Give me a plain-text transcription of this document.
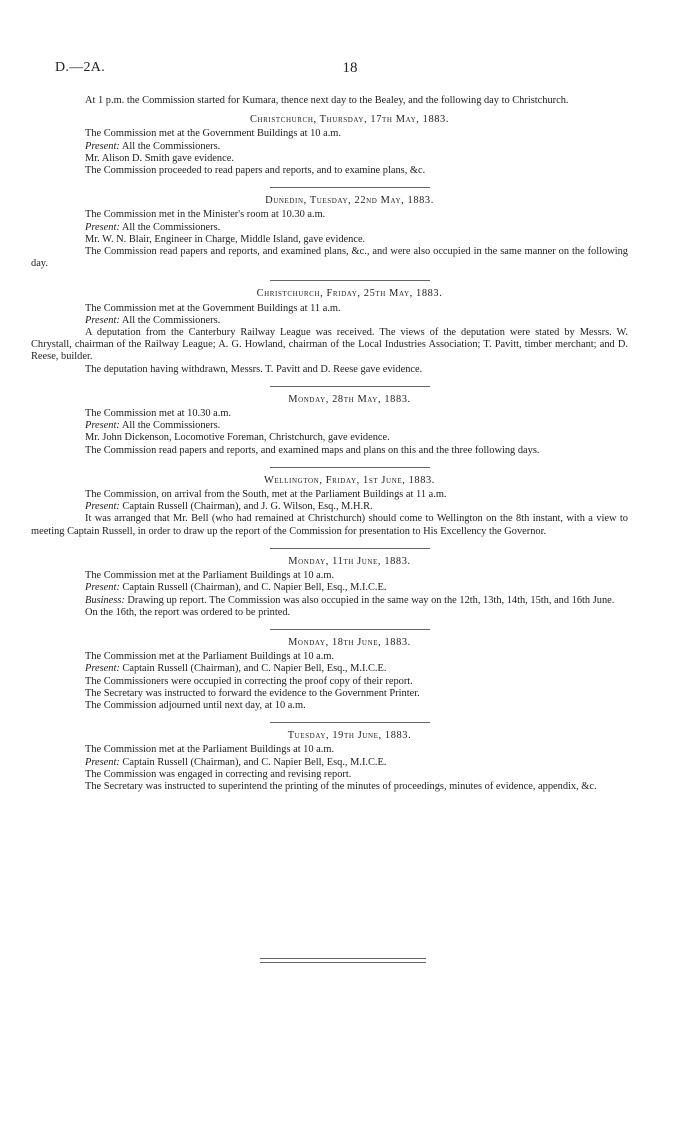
D.—2A.	18

At 1 p.m. the Commission started for Kumara, thence next day to the Bealey, and the following day to Christchurch.

Christchurch, Thursday, 17th May, 1883.

The Commission met at the Government Buildings at 10 a.m.

Present: All the Commissioners.

Mr. Alison D. Smith gave evidence.

The Commission proceeded to read papers and reports, and to examine plans, &c.

Dunedin, Tuesday, 22nd May, 1883.

The Commission met in the Minister's room at 10.30 a.m.

Present: All the Commissioners.

Mr. W. N. Blair, Engineer in Charge, Middle Island, gave evidence.

The Commission read papers and reports, and examined plans, &c., and were also occupied in the same manner on the following day.

Christchurch, Friday, 25th May, 1883.

The Commission met at the Government Buildings at 11 a.m.

Present: All the Commissioners.

A deputation from the Canterbury Railway League was received. The views of the deputation were stated by Messrs. W. Chrystall, chairman of the Railway League; A. G. Howland, chairman of the Local Industries Association; T. Pavitt, timber merchant; and D. Reese, builder.

The deputation having withdrawn, Messrs. T. Pavitt and D. Reese gave evidence.

Monday, 28th May, 1883.

The Commission met at 10.30 a.m.

Present: All the Commissioners.

Mr. John Dickenson, Locomotive Foreman, Christchurch, gave evidence.

The Commission read papers and reports, and examined maps and plans on this and the three following days.

Wellington, Friday, 1st June, 1883.

The Commission, on arrival from the South, met at the Parliament Buildings at 11 a.m.

Present: Captain Russell (Chairman), and J. G. Wilson, Esq., M.H.R.

It was arranged that Mr. Bell (who had remained at Christchurch) should come to Wellington on the 8th instant, with a view to meeting Captain Russell, in order to draw up the report of the Commission for presentation to His Excellency the Governor.

Monday, 11th June, 1883.

The Commission met at the Parliament Buildings at 10 a.m.

Present: Captain Russell (Chairman), and C. Napier Bell, Esq., M.I.C.E.

Business: Drawing up report. The Commission was also occupied in the same way on the 12th, 13th, 14th, 15th, and 16th June.

On the 16th, the report was ordered to be printed.

Monday, 18th June, 1883.

The Commission met at the Parliament Buildings at 10 a.m.

Present: Captain Russell (Chairman), and C. Napier Bell, Esq., M.I.C.E.

The Commissioners were occupied in correcting the proof copy of their report.

The Secretary was instructed to forward the evidence to the Government Printer.

The Commission adjourned until next day, at 10 a.m.

Tuesday, 19th June, 1883.

The Commission met at the Parliament Buildings at 10 a.m.

Present: Captain Russell (Chairman), and C. Napier Bell, Esq., M.I.C.E.

The Commission was engaged in correcting and revising report.

The Secretary was instructed to superintend the printing of the minutes of proceedings, minutes of evidence, appendix, &c.
